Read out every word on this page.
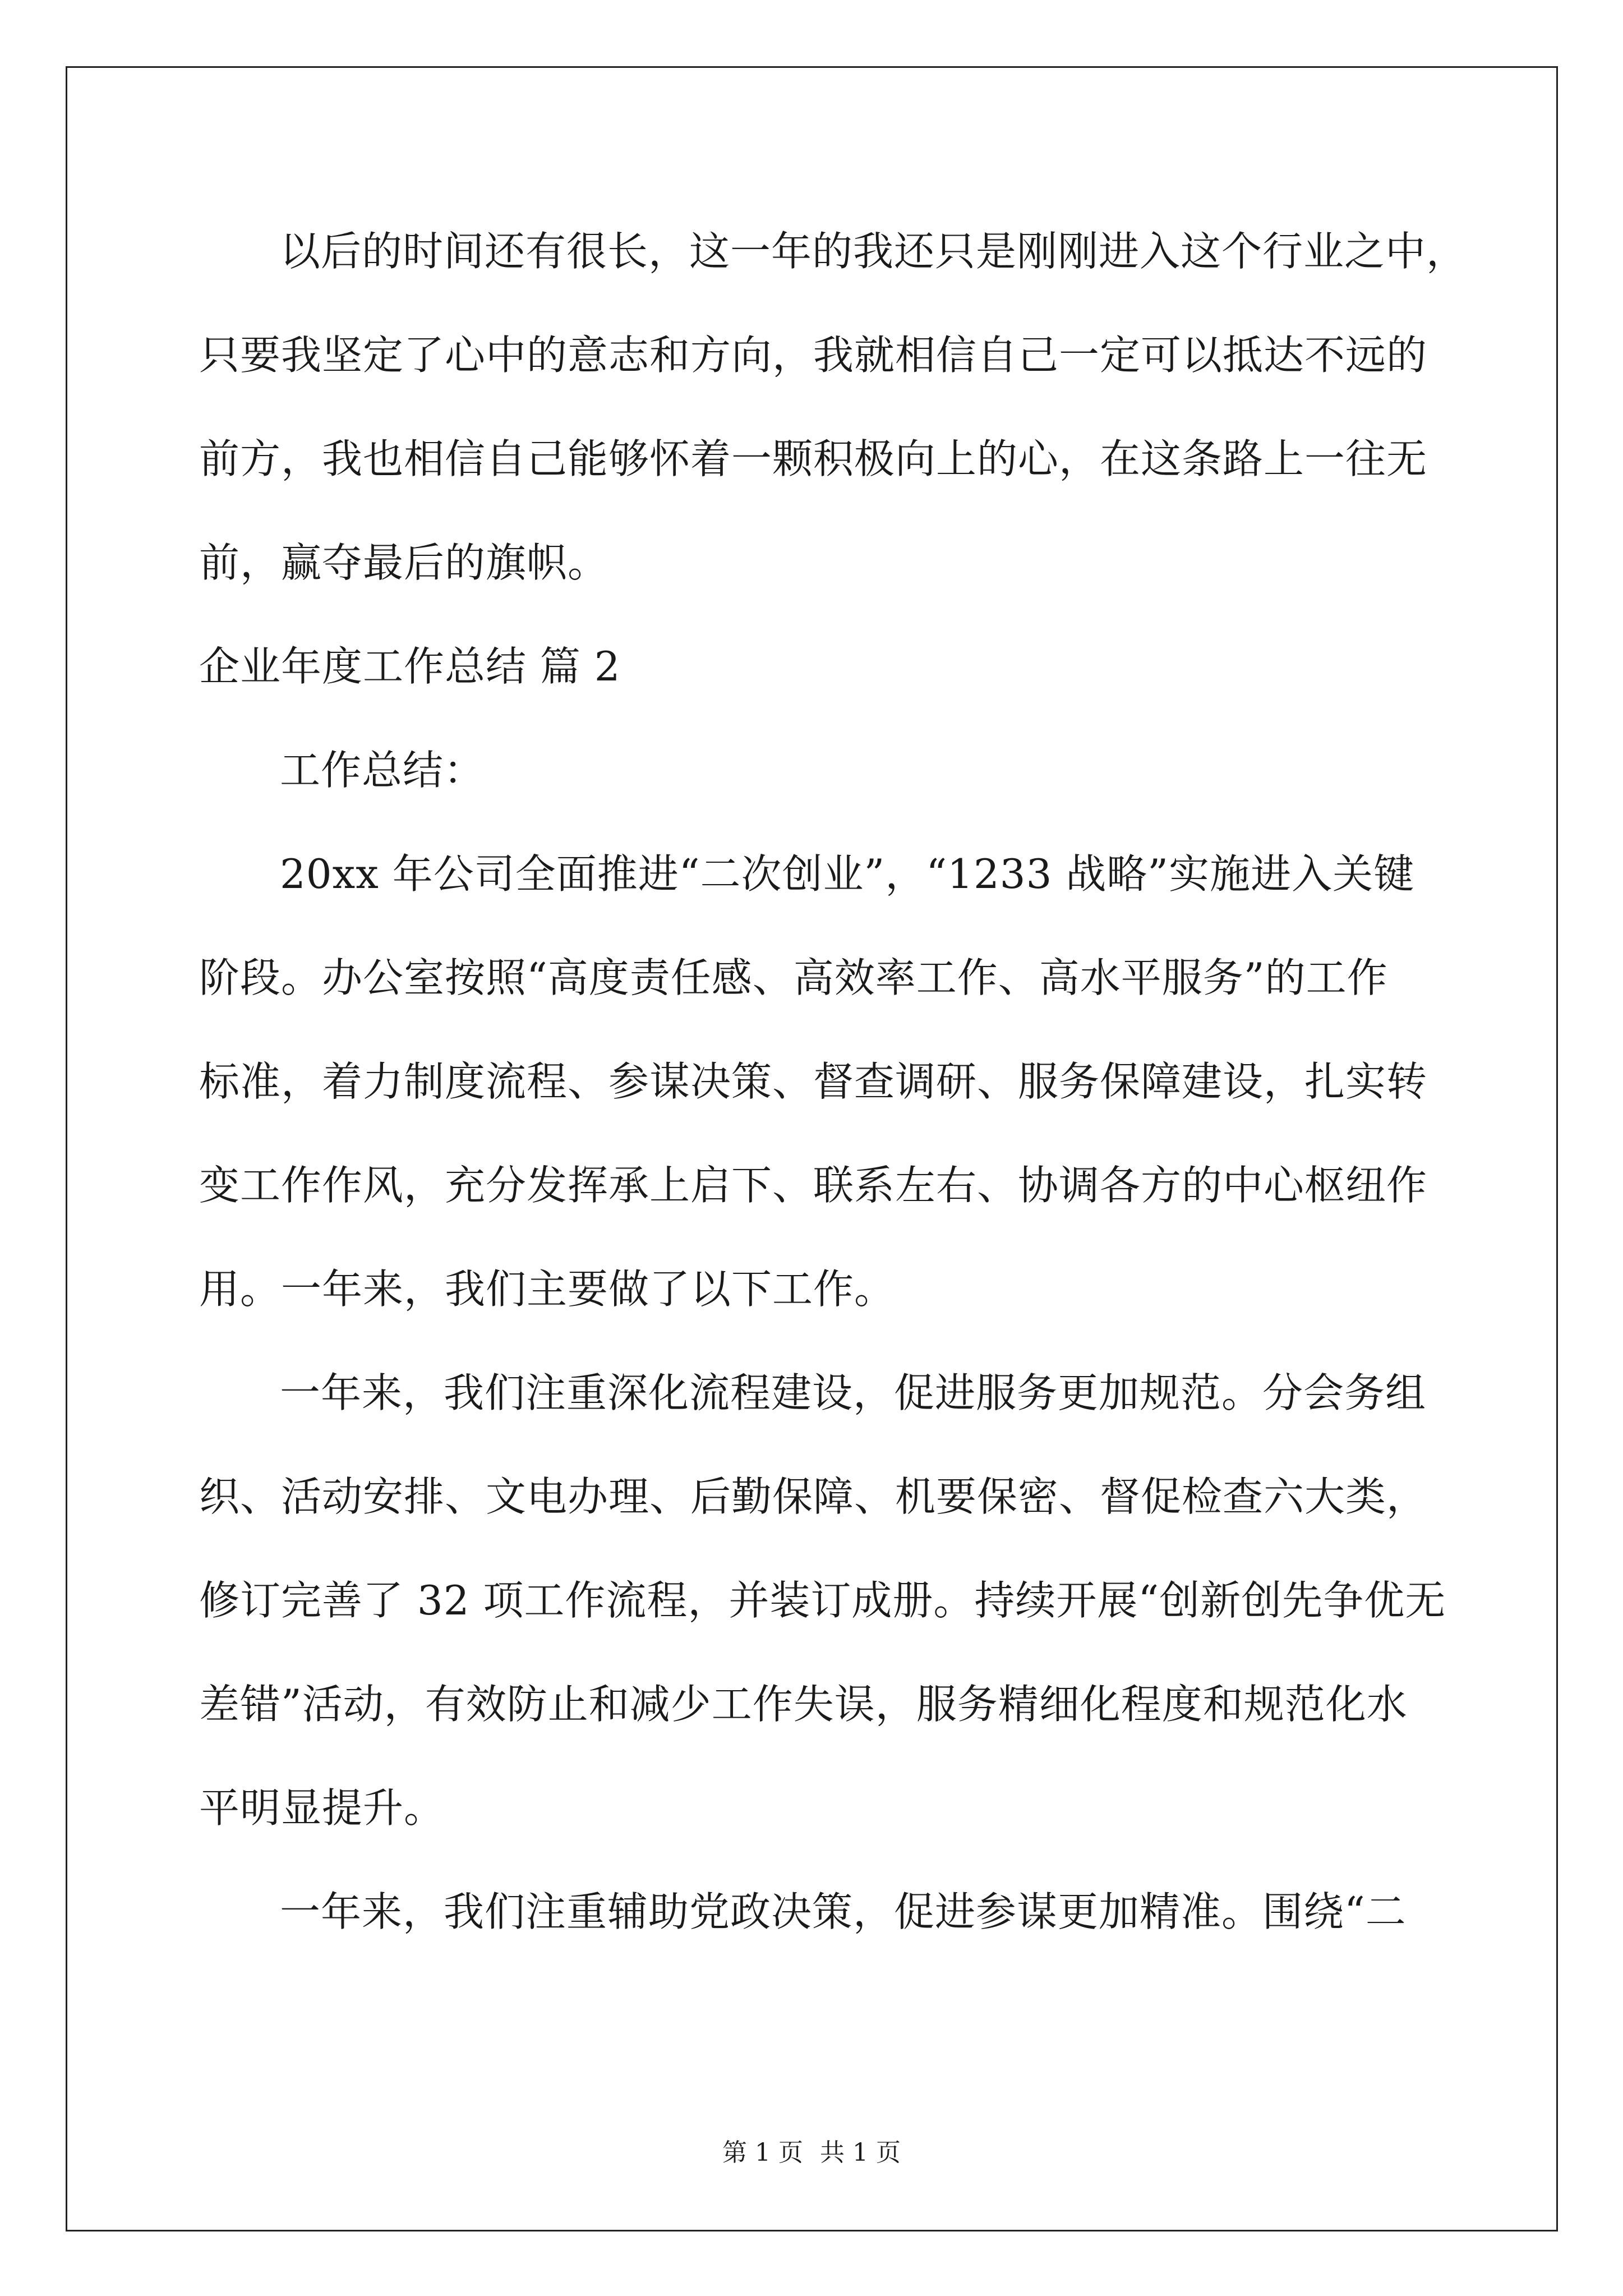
以后的时间还有很长，这一年的我还只是刚刚进入这个行业之中，
只要我坚定了心中的意志和方向，我就相信自己一定可以抵达不远的
前方，我也相信自己能够怀着一颗积极向上的心，在这条路上一往无
前，赢夺最后的旗帜。
企业年度工作总结 篇 2
工作总结：
20xx 年公司全面推进“二次创业”，“1233 战略”实施进入关键
阶段。办公室按照“高度责任感、高效率工作、高水平服务”的工作
标准，着力制度流程、参谋决策、督查调研、服务保障建设，扎实转
变工作作风，充分发挥承上启下、联系左右、协调各方的中心枢纽作
用。一年来，我们主要做了以下工作。
一年来，我们注重深化流程建设，促进服务更加规范。分会务组
织、活动安排、文电办理、后勤保障、机要保密、督促检查六大类，
修订完善了 32 项工作流程，并装订成册。持续开展“创新创先争优无
差错”活动，有效防止和减少工作失误，服务精细化程度和规范化水
平明显提升。
一年来，我们注重辅助党政决策，促进参谋更加精准。围绕“二
第 1 页 共 1 页
